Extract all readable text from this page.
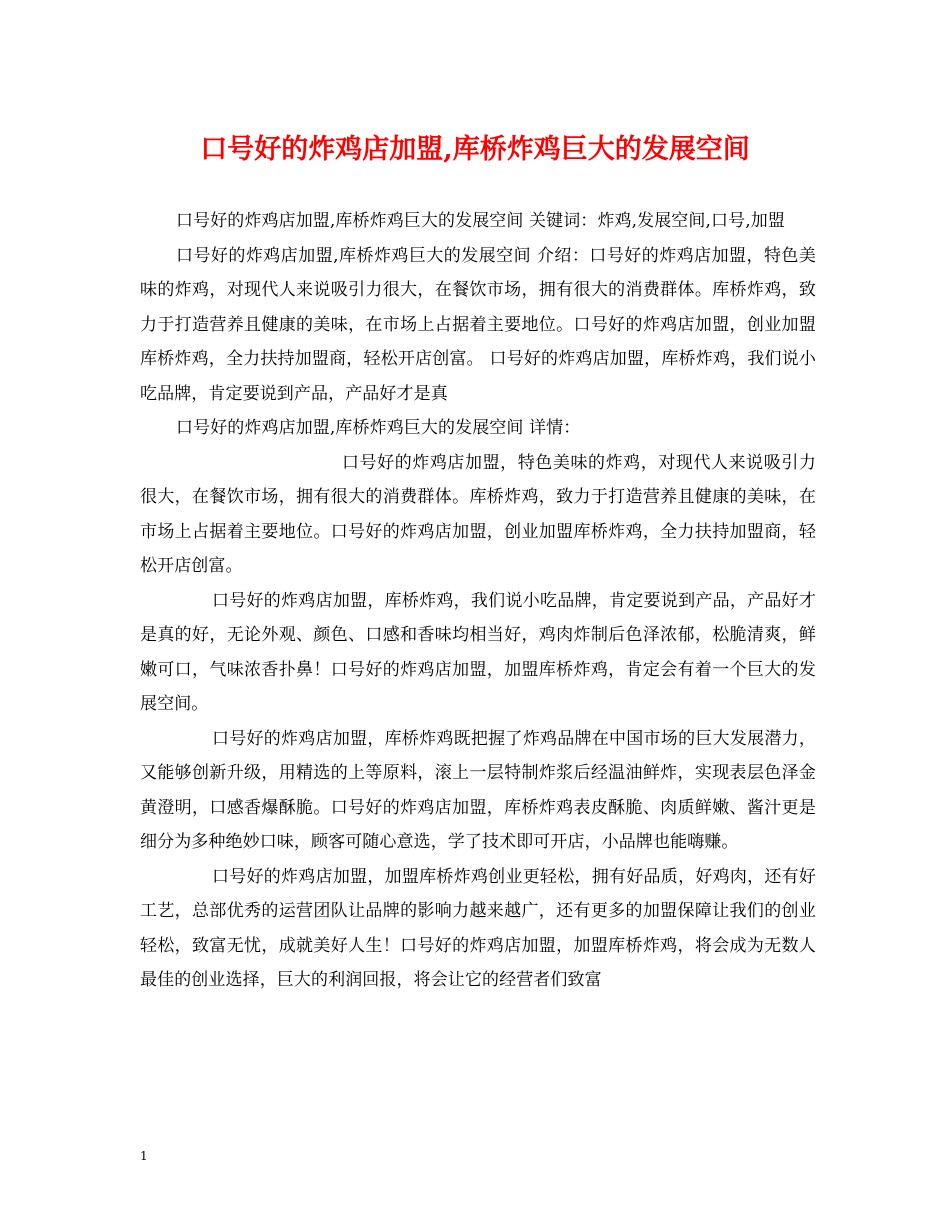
口号好的炸鸡店加盟,库桥炸鸡巨大的发展空间

口号好的炸鸡店加盟,库桥炸鸡巨大的发展空间 关键词：炸鸡,发展空间,口号,加盟

口号好的炸鸡店加盟,库桥炸鸡巨大的发展空间 介绍：口号好的炸鸡店加盟，特色美味的炸鸡，对现代人来说吸引力很大，在餐饮市场，拥有很大的消费群体。库桥炸鸡，致力于打造营养且健康的美味，在市场上占据着主要地位。口号好的炸鸡店加盟，创业加盟库桥炸鸡，全力扶持加盟商，轻松开店创富。 口号好的炸鸡店加盟，库桥炸鸡，我们说小吃品牌，肯定要说到产品，产品好才是真

口号好的炸鸡店加盟,库桥炸鸡巨大的发展空间 详情：

口号好的炸鸡店加盟，特色美味的炸鸡，对现代人来说吸引力很大，在餐饮市场，拥有很大的消费群体。库桥炸鸡，致力于打造营养且健康的美味，在市场上占据着主要地位。口号好的炸鸡店加盟，创业加盟库桥炸鸡，全力扶持加盟商，轻松开店创富。

口号好的炸鸡店加盟，库桥炸鸡，我们说小吃品牌，肯定要说到产品，产品好才是真的好，无论外观、颜色、口感和香味均相当好，鸡肉炸制后色泽浓郁，松脆清爽，鲜嫩可口，气味浓香扑鼻！口号好的炸鸡店加盟，加盟库桥炸鸡，肯定会有着一个巨大的发展空间。

口号好的炸鸡店加盟，库桥炸鸡既把握了炸鸡品牌在中国市场的巨大发展潜力，又能够创新升级，用精选的上等原料，滚上一层特制炸浆后经温油鲜炸，实现表层色泽金黄澄明，口感香爆酥脆。口号好的炸鸡店加盟，库桥炸鸡表皮酥脆、肉质鲜嫩、酱汁更是细分为多种绝妙口味，顾客可随心意选，学了技术即可开店，小品牌也能嗨赚。

口号好的炸鸡店加盟，加盟库桥炸鸡创业更轻松，拥有好品质，好鸡肉，还有好工艺，总部优秀的运营团队让品牌的影响力越来越广，还有更多的加盟保障让我们的创业轻松，致富无忧，成就美好人生！口号好的炸鸡店加盟，加盟库桥炸鸡，将会成为无数人最佳的创业选择，巨大的利润回报，将会让它的经营者们致富

1
